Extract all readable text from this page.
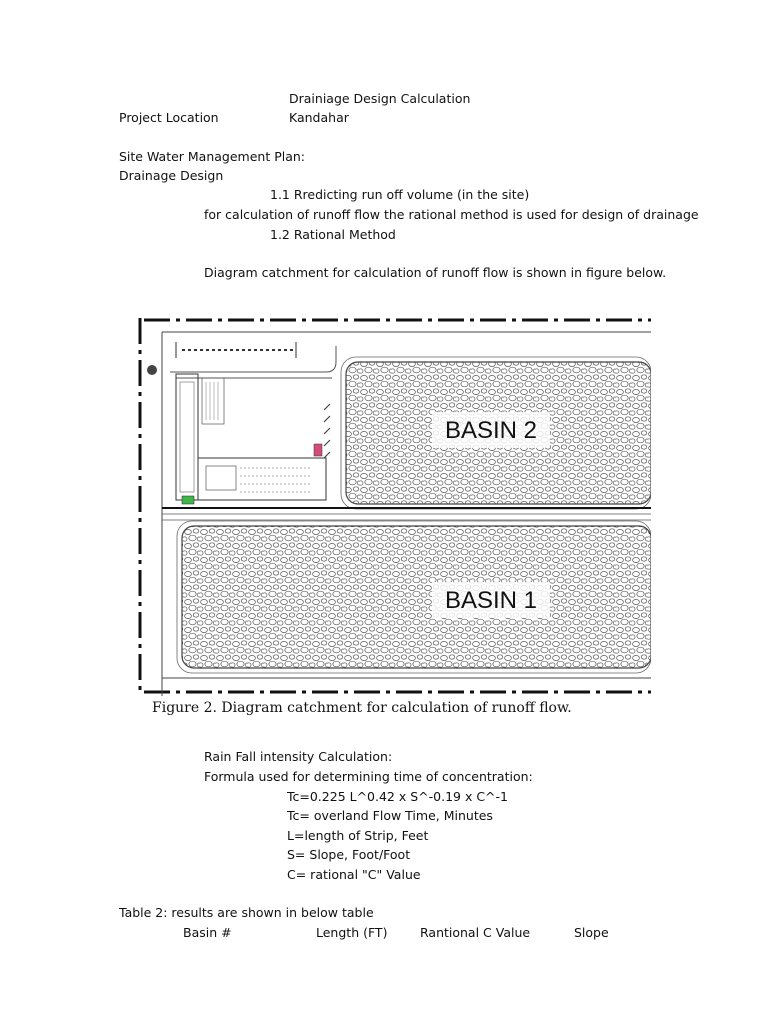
Drainiage Design Calculation
Project Location	Kandahar
Site Water Management Plan:
Drainage Design
1.1 Rredicting run off volume (in the site)
for calculation of runoff flow the rational method is used for design of drainage
1.2 Rational Method
Diagram catchment for calculation of runoff flow is shown in figure below.
BASIN 2
BASIN 1
Figure 2. Diagram catchment for calculation of runoff flow.
Rain Fall intensity Calculation:
Formula used for determining time of concentration:
Tc=0.225 L^0.42 x S^-0.19 x C^-1
Tc= overland Flow Time, Minutes
L=length of Strip, Feet
S= Slope, Foot/Foot
C= rational "C" Value
Table 2: results are shown in below table
Basin #	Length (FT)	Rantional C Value	Slope
